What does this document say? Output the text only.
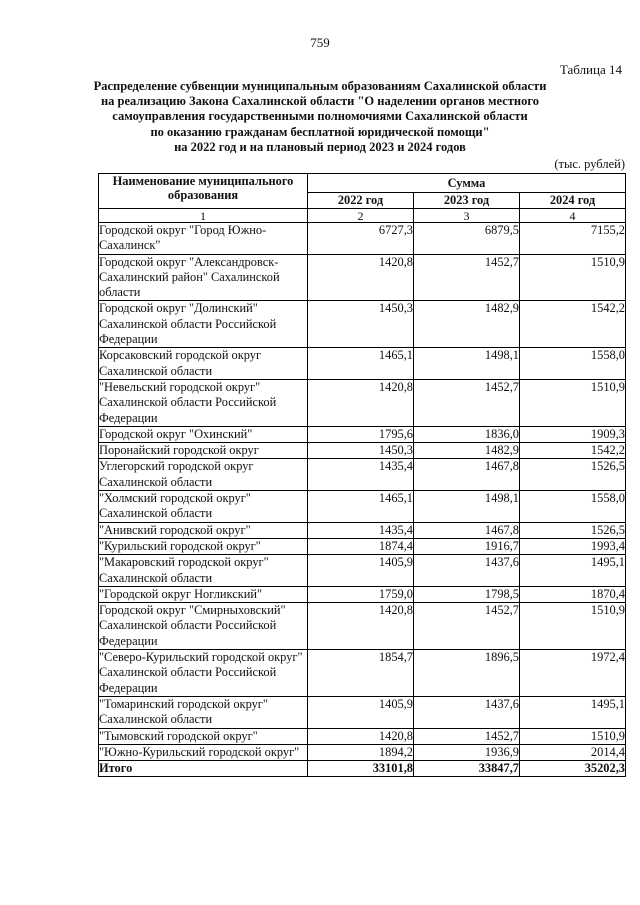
759
Таблица 14
Распределение субвенции муниципальным образованиям Сахалинской области
на реализацию Закона Сахалинской области "О наделении органов местного
самоуправления государственными полномочиями Сахалинской области
по оказанию гражданам бесплатной юридической помощи"
на 2022 год и на плановый период 2023 и 2024 годов
(тыс. рублей)
Наименование муниципального образования	Сумма		
	2022 год	2023 год	2024 год
1	2	3	4
Городской округ "Город Южно-Сахалинск"	6727,3	6879,5	7155,2
Городской округ "Александровск-Сахалинский район" Сахалинской области	1420,8	1452,7	1510,9
Городской округ "Долинский" Сахалинской области Российской Федерации	1450,3	1482,9	1542,2
Корсаковский городской округ Сахалинской области	1465,1	1498,1	1558,0
"Невельский городской округ" Сахалинской области Российской Федерации	1420,8	1452,7	1510,9
Городской округ "Охинский"	1795,6	1836,0	1909,3
Поронайский городской округ	1450,3	1482,9	1542,2
Углегорский городской округ Сахалинской области	1435,4	1467,8	1526,5
"Холмский городской округ" Сахалинской области	1465,1	1498,1	1558,0
"Анивский городской округ"	1435,4	1467,8	1526,5
"Курильский городской округ"	1874,4	1916,7	1993,4
"Макаровский городской округ" Сахалинской области	1405,9	1437,6	1495,1
"Городской округ Ногликский"	1759,0	1798,5	1870,4
Городской округ "Смирныховский" Сахалинской области Российской Федерации	1420,8	1452,7	1510,9
"Северо-Курильский городской округ" Сахалинской области Российской Федерации	1854,7	1896,5	1972,4
"Томаринский городской округ" Сахалинской области	1405,9	1437,6	1495,1
"Тымовский городской округ"	1420,8	1452,7	1510,9
"Южно-Курильский городской округ"	1894,2	1936,9	2014,4
Итого	33101,8	33847,7	35202,3
